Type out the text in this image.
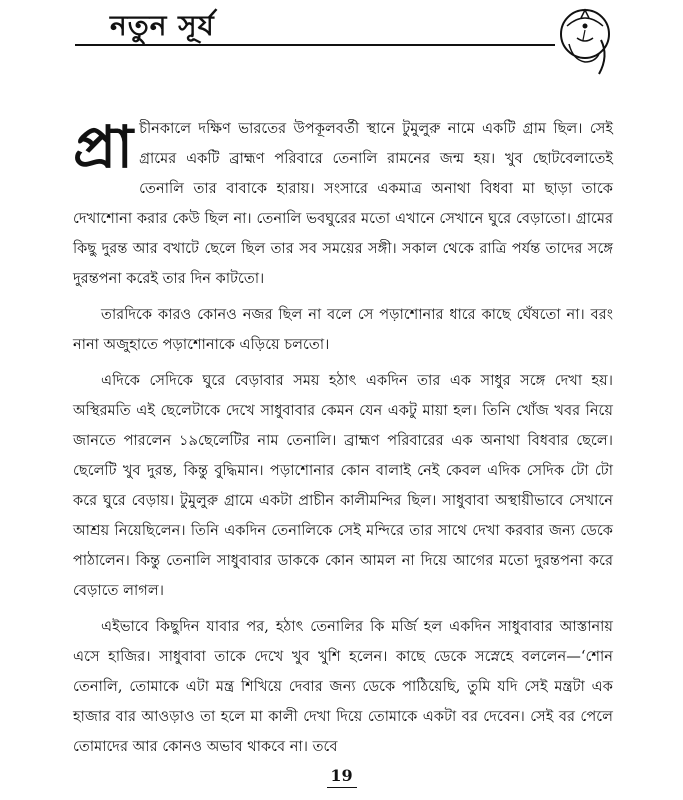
নতুন সূর্য

প্রা চীনকালে দক্ষিণ ভারতের উপকূলবর্তী স্থানে টুমুলুরু নামে একটি গ্রাম ছিল। সেই গ্রামের একটি ব্রাহ্মণ পরিবারে তেনালি রামনের জন্ম হয়। খুব ছোটবেলাতেই তেনালি তার বাবাকে হারায়। সংসারে একমাত্র অনাথা বিধবা মা ছাড়া তাকে দেখাশোনা করার কেউ ছিল না। তেনালি ভবঘুরের মতো এখানে সেখানে ঘুরে বেড়াতো। গ্রামের কিছু দুরন্ত আর বখাটে ছেলে ছিল তার সব সময়ের সঙ্গী। সকাল থেকে রাত্রি পর্যন্ত তাদের সঙ্গে দুরন্তপনা করেই তার দিন কাটতো।

তারদিকে কারও কোনও নজর ছিল না বলে সে পড়াশোনার ধারে কাছে ঘেঁষতো না। বরং নানা অজুহাতে পড়াশোনাকে এড়িয়ে চলতো।

এদিকে সেদিকে ঘুরে বেড়াবার সময় হঠাৎ একদিন তার এক সাধুর সঙ্গে দেখা হয়। অস্থিরমতি এই ছেলেটাকে দেখে সাধুবাবার কেমন যেন একটু মায়া হল। তিনি খোঁজ খবর নিয়ে জানতে পারলেন ১৯ছেলেটির নাম তেনালি। ব্রাহ্মণ পরিবারের এক অনাথা বিধবার ছেলে। ছেলেটি খুব দুরন্ত, কিন্তু বুদ্ধিমান। পড়াশোনার কোন বালাই নেই কেবল এদিক সেদিক টো টো করে ঘুরে বেড়ায়। টুমুলুরু গ্রামে একটা প্রাচীন কালীমন্দির ছিল। সাধুবাবা অস্থায়ীভাবে সেখানে আশ্রয় নিয়েছিলেন। তিনি একদিন তেনালিকে সেই মন্দিরে তার সাথে দেখা করবার জন্য ডেকে পাঠালেন। কিন্তু তেনালি সাধুবাবার ডাককে কোন আমল না দিয়ে আগের মতো দুরন্তপনা করে বেড়াতে লাগল।

এইভাবে কিছুদিন যাবার পর, হঠাৎ তেনালির কি মর্জি হল একদিন সাধুবাবার আস্তানায় এসে হাজির। সাধুবাবা তাকে দেখে খুব খুশি হলেন। কাছে ডেকে সস্নেহে বললেন—‘শোন তেনালি, তোমাকে এটা মন্ত্র শিখিয়ে দেবার জন্য ডেকে পাঠিয়েছি, তুমি যদি সেই মন্ত্রটা এক হাজার বার আওড়াও তা হলে মা কালী দেখা দিয়ে তোমাকে একটা বর দেবেন। সেই বর পেলে তোমাদের আর কোনও অভাব থাকবে না। তবে

19
